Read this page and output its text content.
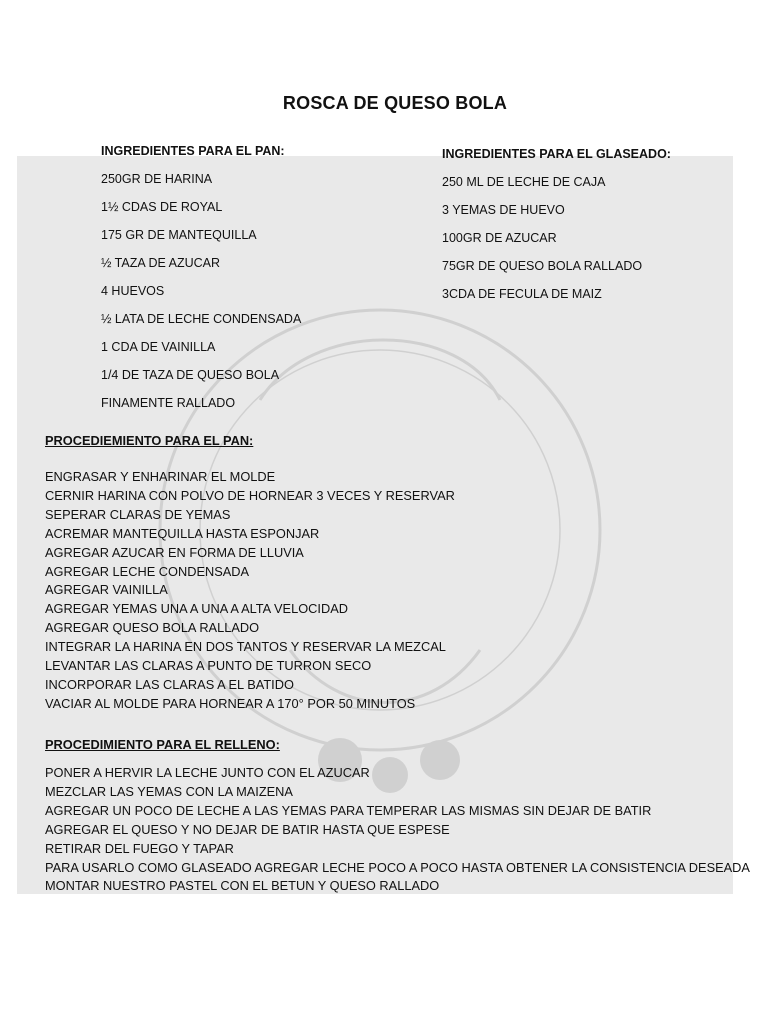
ROSCA DE QUESO BOLA
INGREDIENTES PARA EL PAN:
250GR DE HARINA
1½ CDAS DE ROYAL
175 GR DE MANTEQUILLA
½ TAZA DE AZUCAR
4 HUEVOS
½ LATA DE LECHE CONDENSADA
1 CDA DE VAINILLA
1/4 DE TAZA DE QUESO BOLA
FINAMENTE RALLADO
INGREDIENTES PARA EL GLASEADO:
250 ML DE LECHE DE CAJA
3 YEMAS DE HUEVO
100GR DE AZUCAR
75GR DE QUESO BOLA RALLADO
3CDA DE FECULA DE MAIZ
PROCEDIEMIENTO PARA EL PAN:
ENGRASAR Y ENHARINAR EL MOLDE
CERNIR HARINA CON POLVO DE HORNEAR 3 VECES Y RESERVAR
SEPERAR CLARAS DE YEMAS
ACREMAR MANTEQUILLA HASTA ESPONJAR
AGREGAR AZUCAR EN FORMA DE LLUVIA
AGREGAR LECHE CONDENSADA
AGREGAR VAINILLA
AGREGAR YEMAS UNA A UNA A ALTA VELOCIDAD
AGREGAR QUESO BOLA RALLADO
INTEGRAR LA HARINA EN DOS TANTOS Y RESERVAR LA MEZCAL
LEVANTAR LAS CLARAS A PUNTO DE TURRON SECO
INCORPORAR LAS CLARAS A EL BATIDO
VACIAR AL MOLDE PARA HORNEAR A 170° POR 50 MINUTOS
PROCEDIMIENTO PARA EL RELLENO:
PONER A HERVIR LA LECHE JUNTO CON EL AZUCAR
MEZCLAR LAS YEMAS CON LA MAIZENA
AGREGAR UN POCO DE LECHE A LAS YEMAS PARA TEMPERAR LAS MISMAS SIN DEJAR DE BATIR
AGREGAR EL QUESO Y NO DEJAR DE BATIR HASTA QUE ESPESE
RETIRAR DEL FUEGO Y TAPAR
PARA USARLO COMO GLASEADO AGREGAR LECHE POCO A POCO HASTA OBTENER LA CONSISTENCIA DESEADA
MONTAR NUESTRO PASTEL CON EL BETUN Y QUESO RALLADO
